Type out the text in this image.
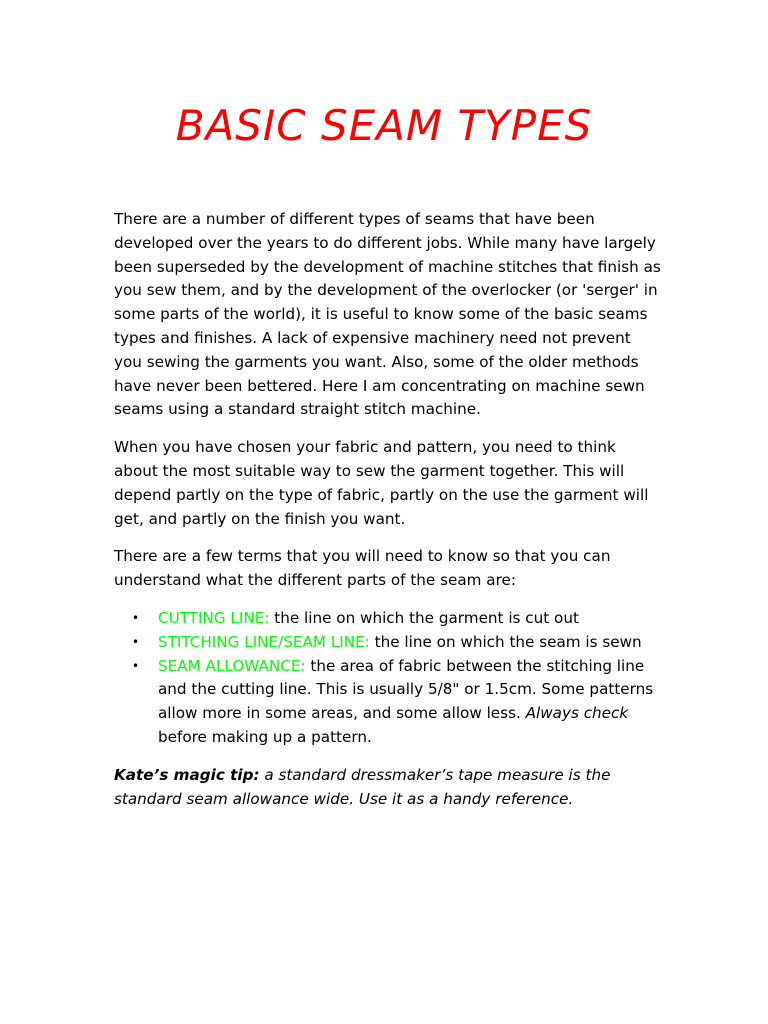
BASIC SEAM TYPES

There are a number of different types of seams that have been developed over the years to do different jobs. While many have largely been superseded by the development of machine stitches that finish as you sew them, and by the development of the overlocker (or 'serger' in some parts of the world), it is useful to know some of the basic seams types and finishes. A lack of expensive machinery need not prevent you sewing the garments you want. Also, some of the older methods have never been bettered. Here I am concentrating on machine sewn seams using a standard straight stitch machine.

When you have chosen your fabric and pattern, you need to think about the most suitable way to sew the garment together. This will depend partly on the type of fabric, partly on the use the garment will get, and partly on the finish you want.

There are a few terms that you will need to know so that you can understand what the different parts of the seam are:

• CUTTING LINE: the line on which the garment is cut out
• STITCHING LINE/SEAM LINE: the line on which the seam is sewn
• SEAM ALLOWANCE: the area of fabric between the stitching line and the cutting line. This is usually 5/8" or 1.5cm. Some patterns allow more in some areas, and some allow less. Always check before making up a pattern.

Kate’s magic tip: a standard dressmaker’s tape measure is the standard seam allowance wide. Use it as a handy reference.
